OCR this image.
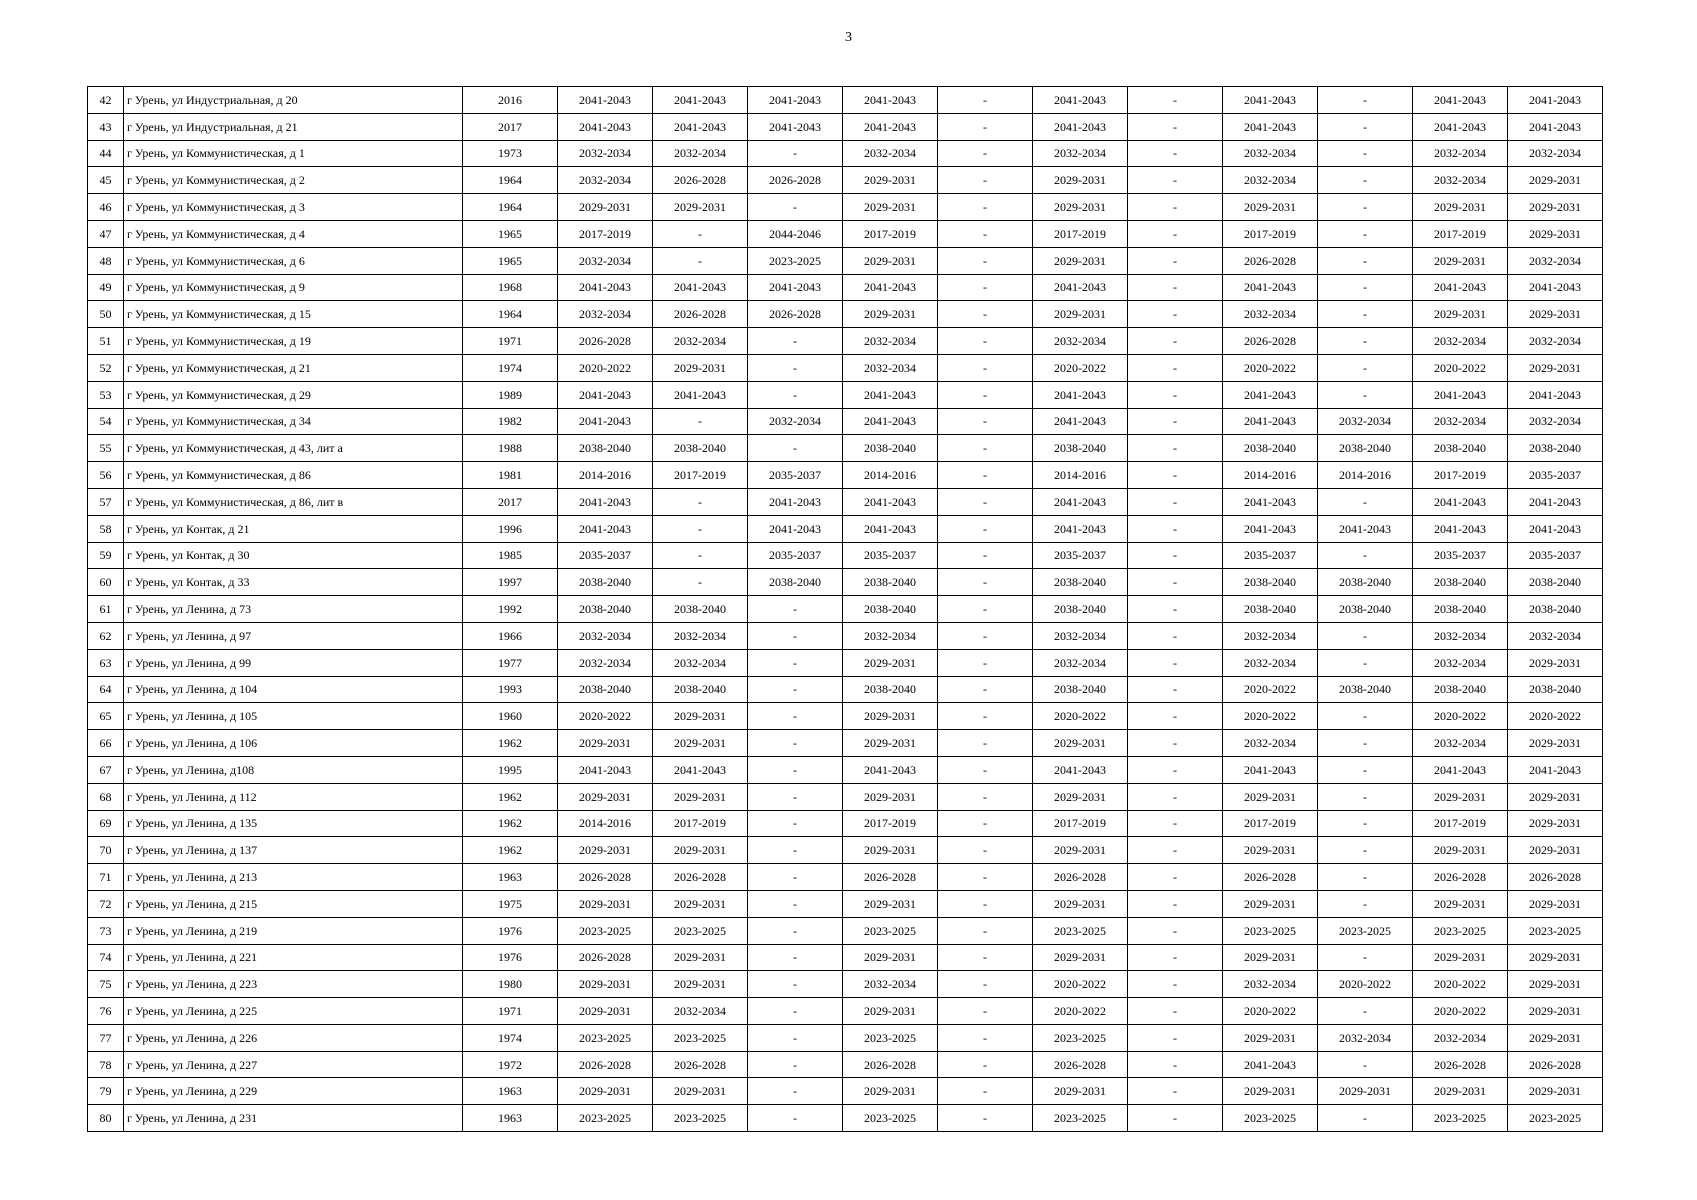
3
42	г Урень, ул Индустриальная, д 20	2016	2041-2043	2041-2043	2041-2043	2041-2043	-	2041-2043	-	2041-2043	-	2041-2043	2041-2043
43	г Урень, ул Индустриальная, д 21	2017	2041-2043	2041-2043	2041-2043	2041-2043	-	2041-2043	-	2041-2043	-	2041-2043	2041-2043
44	г Урень, ул Коммунистическая, д 1	1973	2032-2034	2032-2034	-	2032-2034	-	2032-2034	-	2032-2034	-	2032-2034	2032-2034
45	г Урень, ул Коммунистическая, д 2	1964	2032-2034	2026-2028	2026-2028	2029-2031	-	2029-2031	-	2032-2034	-	2032-2034	2029-2031
46	г Урень, ул Коммунистическая, д 3	1964	2029-2031	2029-2031	-	2029-2031	-	2029-2031	-	2029-2031	-	2029-2031	2029-2031
47	г Урень, ул Коммунистическая, д 4	1965	2017-2019	-	2044-2046	2017-2019	-	2017-2019	-	2017-2019	-	2017-2019	2029-2031
48	г Урень, ул Коммунистическая, д 6	1965	2032-2034	-	2023-2025	2029-2031	-	2029-2031	-	2026-2028	-	2029-2031	2032-2034
49	г Урень, ул Коммунистическая, д 9	1968	2041-2043	2041-2043	2041-2043	2041-2043	-	2041-2043	-	2041-2043	-	2041-2043	2041-2043
50	г Урень, ул Коммунистическая, д 15	1964	2032-2034	2026-2028	2026-2028	2029-2031	-	2029-2031	-	2032-2034	-	2029-2031	2029-2031
51	г Урень, ул Коммунистическая, д 19	1971	2026-2028	2032-2034	-	2032-2034	-	2032-2034	-	2026-2028	-	2032-2034	2032-2034
52	г Урень, ул Коммунистическая, д 21	1974	2020-2022	2029-2031	-	2032-2034	-	2020-2022	-	2020-2022	-	2020-2022	2029-2031
53	г Урень, ул Коммунистическая, д 29	1989	2041-2043	2041-2043	-	2041-2043	-	2041-2043	-	2041-2043	-	2041-2043	2041-2043
54	г Урень, ул Коммунистическая, д 34	1982	2041-2043	-	2032-2034	2041-2043	-	2041-2043	-	2041-2043	2032-2034	2032-2034	2032-2034
55	г Урень, ул Коммунистическая, д 43, лит а	1988	2038-2040	2038-2040	-	2038-2040	-	2038-2040	-	2038-2040	2038-2040	2038-2040	2038-2040
56	г Урень, ул Коммунистическая, д 86	1981	2014-2016	2017-2019	2035-2037	2014-2016	-	2014-2016	-	2014-2016	2014-2016	2017-2019	2035-2037
57	г Урень, ул Коммунистическая, д 86, лит в	2017	2041-2043	-	2041-2043	2041-2043	-	2041-2043	-	2041-2043	-	2041-2043	2041-2043
58	г Урень, ул Контак, д 21	1996	2041-2043	-	2041-2043	2041-2043	-	2041-2043	-	2041-2043	2041-2043	2041-2043	2041-2043
59	г Урень, ул Контак, д 30	1985	2035-2037	-	2035-2037	2035-2037	-	2035-2037	-	2035-2037	-	2035-2037	2035-2037
60	г Урень, ул Контак, д 33	1997	2038-2040	-	2038-2040	2038-2040	-	2038-2040	-	2038-2040	2038-2040	2038-2040	2038-2040
61	г Урень, ул Ленина, д 73	1992	2038-2040	2038-2040	-	2038-2040	-	2038-2040	-	2038-2040	2038-2040	2038-2040	2038-2040
62	г Урень, ул Ленина, д 97	1966	2032-2034	2032-2034	-	2032-2034	-	2032-2034	-	2032-2034	-	2032-2034	2032-2034
63	г Урень, ул Ленина, д 99	1977	2032-2034	2032-2034	-	2029-2031	-	2032-2034	-	2032-2034	-	2032-2034	2029-2031
64	г Урень, ул Ленина, д 104	1993	2038-2040	2038-2040	-	2038-2040	-	2038-2040	-	2020-2022	2038-2040	2038-2040	2038-2040
65	г Урень, ул Ленина, д 105	1960	2020-2022	2029-2031	-	2029-2031	-	2020-2022	-	2020-2022	-	2020-2022	2020-2022
66	г Урень, ул Ленина, д 106	1962	2029-2031	2029-2031	-	2029-2031	-	2029-2031	-	2032-2034	-	2032-2034	2029-2031
67	г Урень, ул Ленина, д108	1995	2041-2043	2041-2043	-	2041-2043	-	2041-2043	-	2041-2043	-	2041-2043	2041-2043
68	г Урень, ул Ленина, д 112	1962	2029-2031	2029-2031	-	2029-2031	-	2029-2031	-	2029-2031	-	2029-2031	2029-2031
69	г Урень, ул Ленина, д 135	1962	2014-2016	2017-2019	-	2017-2019	-	2017-2019	-	2017-2019	-	2017-2019	2029-2031
70	г Урень, ул Ленина, д 137	1962	2029-2031	2029-2031	-	2029-2031	-	2029-2031	-	2029-2031	-	2029-2031	2029-2031
71	г Урень, ул Ленина, д 213	1963	2026-2028	2026-2028	-	2026-2028	-	2026-2028	-	2026-2028	-	2026-2028	2026-2028
72	г Урень, ул Ленина, д 215	1975	2029-2031	2029-2031	-	2029-2031	-	2029-2031	-	2029-2031	-	2029-2031	2029-2031
73	г Урень, ул Ленина, д 219	1976	2023-2025	2023-2025	-	2023-2025	-	2023-2025	-	2023-2025	2023-2025	2023-2025	2023-2025
74	г Урень, ул Ленина, д 221	1976	2026-2028	2029-2031	-	2029-2031	-	2029-2031	-	2029-2031	-	2029-2031	2029-2031
75	г Урень, ул Ленина, д 223	1980	2029-2031	2029-2031	-	2032-2034	-	2020-2022	-	2032-2034	2020-2022	2020-2022	2029-2031
76	г Урень, ул Ленина, д 225	1971	2029-2031	2032-2034	-	2029-2031	-	2020-2022	-	2020-2022	-	2020-2022	2029-2031
77	г Урень, ул Ленина, д 226	1974	2023-2025	2023-2025	-	2023-2025	-	2023-2025	-	2029-2031	2032-2034	2032-2034	2029-2031
78	г Урень, ул Ленина, д 227	1972	2026-2028	2026-2028	-	2026-2028	-	2026-2028	-	2041-2043	-	2026-2028	2026-2028
79	г Урень, ул Ленина, д 229	1963	2029-2031	2029-2031	-	2029-2031	-	2029-2031	-	2029-2031	2029-2031	2029-2031	2029-2031
80	г Урень, ул Ленина, д 231	1963	2023-2025	2023-2025	-	2023-2025	-	2023-2025	-	2023-2025	-	2023-2025	2023-2025
